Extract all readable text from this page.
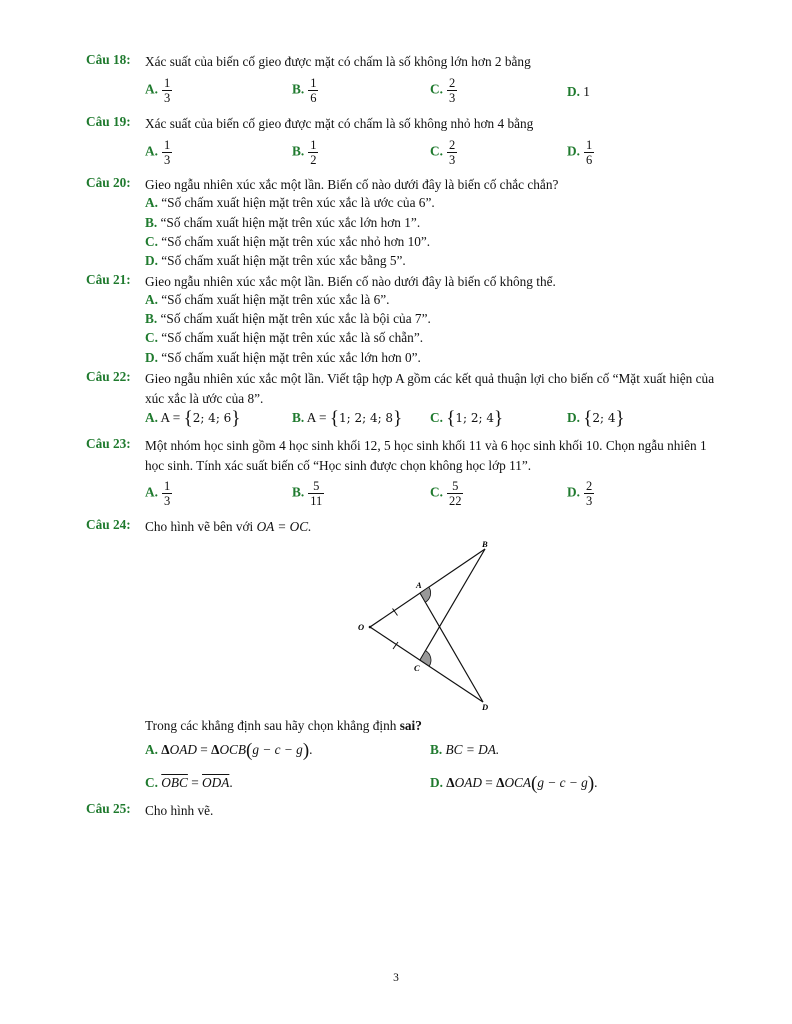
Câu 18: Xác suất của biến cố gieo được mặt có chấm là số không lớn hơn 2 bằng
A. $\frac{1}{3}$	B. $\frac{1}{6}$	C. $\frac{2}{3}$	D. 1
Câu 19: Xác suất của biến cố gieo được mặt có chấm là số không nhỏ hơn 4 bằng
A. $\frac{1}{3}$	B. $\frac{1}{2}$	C. $\frac{2}{3}$	D. $\frac{1}{6}$
Câu 20: Gieo ngẫu nhiên xúc xắc một lần. Biến cố nào dưới đây là biến cố chắc chắn?
A. “Số chấm xuất hiện mặt trên xúc xắc là ước của 6”.
B. “Số chấm xuất hiện mặt trên xúc xắc lớn hơn 1”.
C. “Số chấm xuất hiện mặt trên xúc xắc nhỏ hơn 10”.
D. “Số chấm xuất hiện mặt trên xúc xắc bằng 5”.
Câu 21: Gieo ngẫu nhiên xúc xắc một lần. Biến cố nào dưới đây là biến cố không thể.
A. “Số chấm xuất hiện mặt trên xúc xắc là 6”.
B. “Số chấm xuất hiện mặt trên xúc xắc là bội của 7”.
C. “Số chấm xuất hiện mặt trên xúc xắc là số chẵn”.
D. “Số chấm xuất hiện mặt trên xúc xắc lớn hơn 0”.
Câu 22: Gieo ngẫu nhiên xúc xắc một lần. Viết tập hợp A gồm các kết quả thuận lợi cho biến cố “Mặt xuất hiện của xúc xắc là ước của 8”.
A. A = {2; 4; 6}	B. A = {1; 2; 4; 8} C. {1; 2; 4}	D. {2; 4}
Câu 23: Một nhóm học sinh gồm 4 học sinh khối 12, 5 học sinh khối 11 và 6 học sinh khối 10. Chọn ngẫu nhiên 1 học sinh. Tính xác suất biến cố “Học sinh được chọn không học lớp 11”.
A. $\frac{1}{3}$	B. $\frac{5}{11}$	C. $\frac{5}{22}$	D. $\frac{2}{3}$
Câu 24: Cho hình vẽ bên với OA = OC.
B
A
O
C
D
Trong các khẳng định sau hãy chọn khẳng định sai?
A. ΔOAD = ΔOCB(g − c − g).	B. BC = DA.
C. $\overline{OBC} = \overline{ODA}$.	D. ΔOAD = ΔOCA(g − c − g).
Câu 25: Cho hình vẽ.
3
